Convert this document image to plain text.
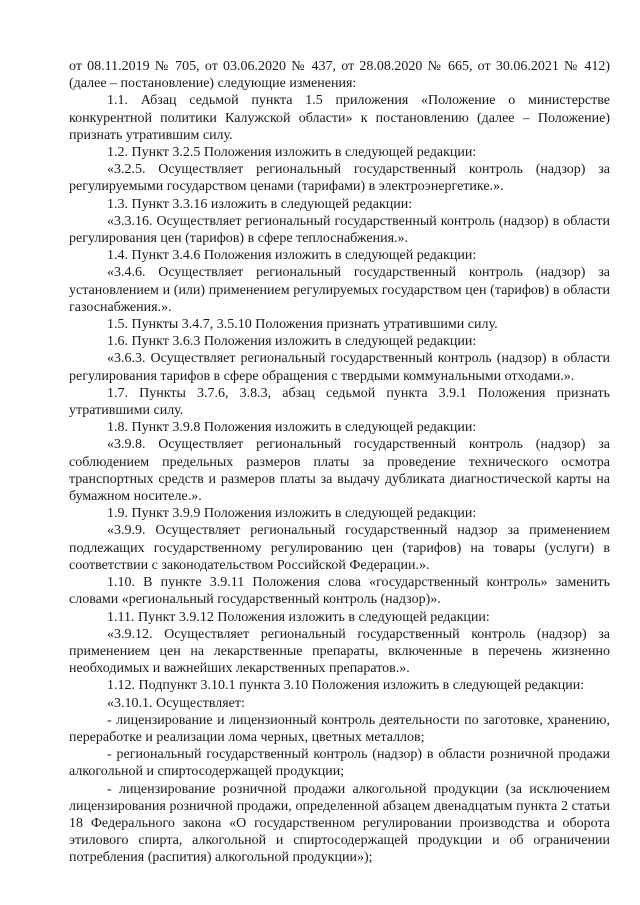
от 08.11.2019 № 705, от 03.06.2020 № 437, от 28.08.2020 № 665, от 30.06.2021 № 412) (далее – постановление) следующие изменения:

1.1. Абзац седьмой пункта 1.5 приложения «Положение о министерстве конкурентной политики Калужской области» к постановлению (далее – Положение) признать утратившим силу.

1.2. Пункт 3.2.5 Положения изложить в следующей редакции:

«3.2.5. Осуществляет региональный государственный контроль (надзор) за регулируемыми государством ценами (тарифами) в электроэнергетике.».

1.3. Пункт 3.3.16 изложить в следующей редакции:

«3.3.16. Осуществляет региональный государственный контроль (надзор) в области регулирования цен (тарифов) в сфере теплоснабжения.».

1.4. Пункт 3.4.6 Положения изложить в следующей редакции:

«3.4.6. Осуществляет региональный государственный контроль (надзор) за установлением и (или) применением регулируемых государством цен (тарифов) в области газоснабжения.».

1.5. Пункты 3.4.7, 3.5.10 Положения признать утратившими силу.

1.6. Пункт 3.6.3 Положения изложить в следующей редакции:

«3.6.3. Осуществляет региональный государственный контроль (надзор) в области регулирования тарифов в сфере обращения с твердыми коммунальными отходами.».

1.7. Пункты 3.7.6, 3.8.3, абзац седьмой пункта 3.9.1 Положения признать утратившими силу.

1.8. Пункт 3.9.8 Положения изложить в следующей редакции:

«3.9.8. Осуществляет региональный государственный контроль (надзор) за соблюдением предельных размеров платы за проведение технического осмотра транспортных средств и размеров платы за выдачу дубликата диагностической карты на бумажном носителе.».

1.9. Пункт 3.9.9 Положения изложить в следующей редакции:

«3.9.9. Осуществляет региональный государственный надзор за применением подлежащих государственному регулированию цен (тарифов) на товары (услуги) в соответствии с законодательством Российской Федерации.».

1.10. В пункте 3.9.11 Положения слова «государственный контроль» заменить словами «региональный государственный контроль (надзор)».

1.11. Пункт 3.9.12 Положения изложить в следующей редакции:

«3.9.12. Осуществляет региональный государственный контроль (надзор) за применением цен на лекарственные препараты, включенные в перечень жизненно необходимых и важнейших лекарственных препаратов.».

1.12. Подпункт 3.10.1 пункта 3.10 Положения изложить в следующей редакции:

«3.10.1. Осуществляет:

- лицензирование и лицензионный контроль деятельности по заготовке, хранению, переработке и реализации лома черных, цветных металлов;

- региональный государственный контроль (надзор) в области розничной продажи алкогольной и спиртосодержащей продукции;

- лицензирование розничной продажи алкогольной продукции (за исключением лицензирования розничной продажи, определенной абзацем двенадцатым пункта 2 статьи 18 Федерального закона «О государственном регулировании производства и оборота этилового спирта, алкогольной и спиртосодержащей продукции и об ограничении потребления (распития) алкогольной продукции»);
